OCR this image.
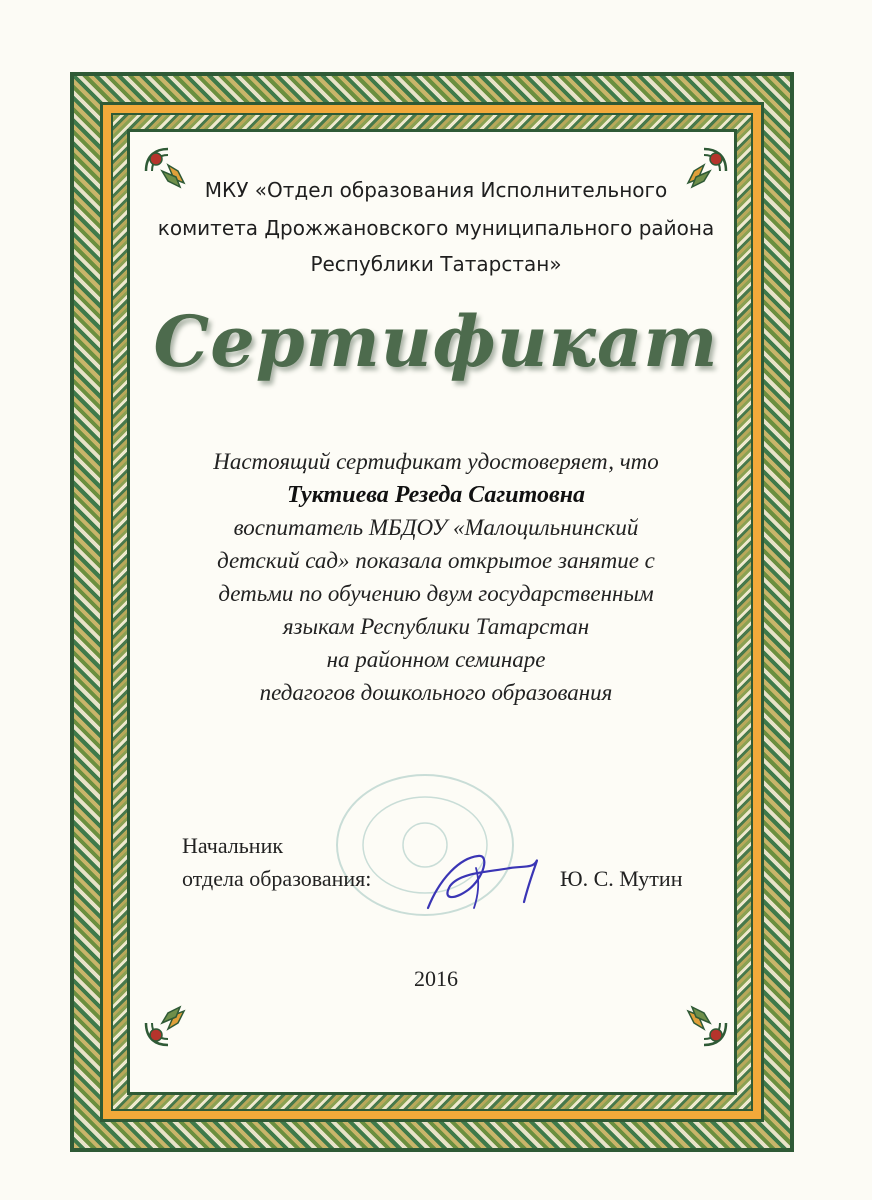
МКУ «Отдел образования Исполнительного
комитета Дрожжановского муниципального района
Республики Татарстан»
Сертификат
Настоящий сертификат удостоверяет, что
Туктиева Резеда Сагитовна
воспитатель МБДОУ «Малоцильнинский
детский сад» показала открытое занятие с
детьми по обучению двум государственным
языкам Республики Татарстан
на районном семинаре
педагогов дошкольного образования
Начальник
отдела образования:	Ю. С. Мутин
2016
